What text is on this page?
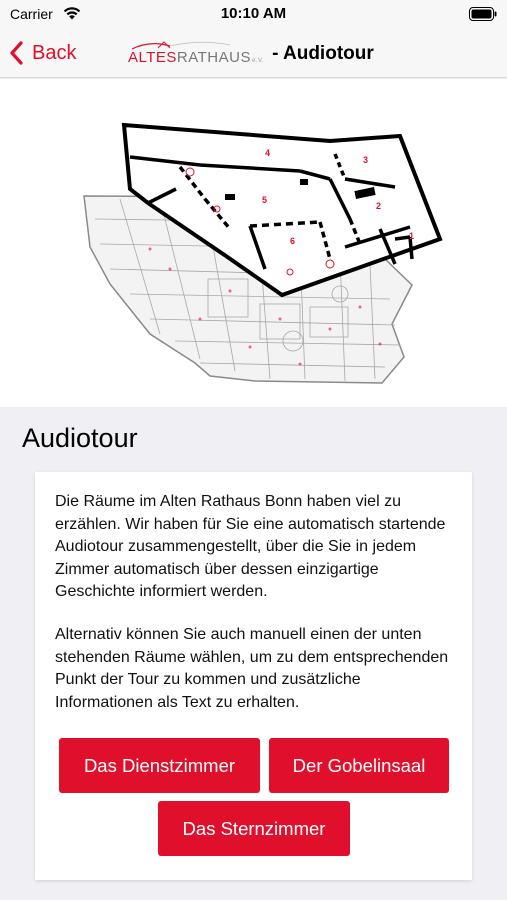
Carrier	10:10 AM
Back	ALTES RATHAUS e.V. - Audiotour
1
2
3
4
5
6
Audiotour

Die Räume im Alten Rathaus Bonn haben viel zu erzählen. Wir haben für Sie eine automatisch startende Audiotour zusammengestellt, über die Sie in jedem Zimmer automatisch über dessen einzigartige Geschichte informiert werden.

Alternativ können Sie auch manuell einen der unten stehenden Räume wählen, um zu dem entsprechenden Punkt der Tour zu kommen und zusätzliche Informationen als Text zu erhalten.

Das Dienstzimmer	Der Gobelinsaal
Das Sternzimmer
